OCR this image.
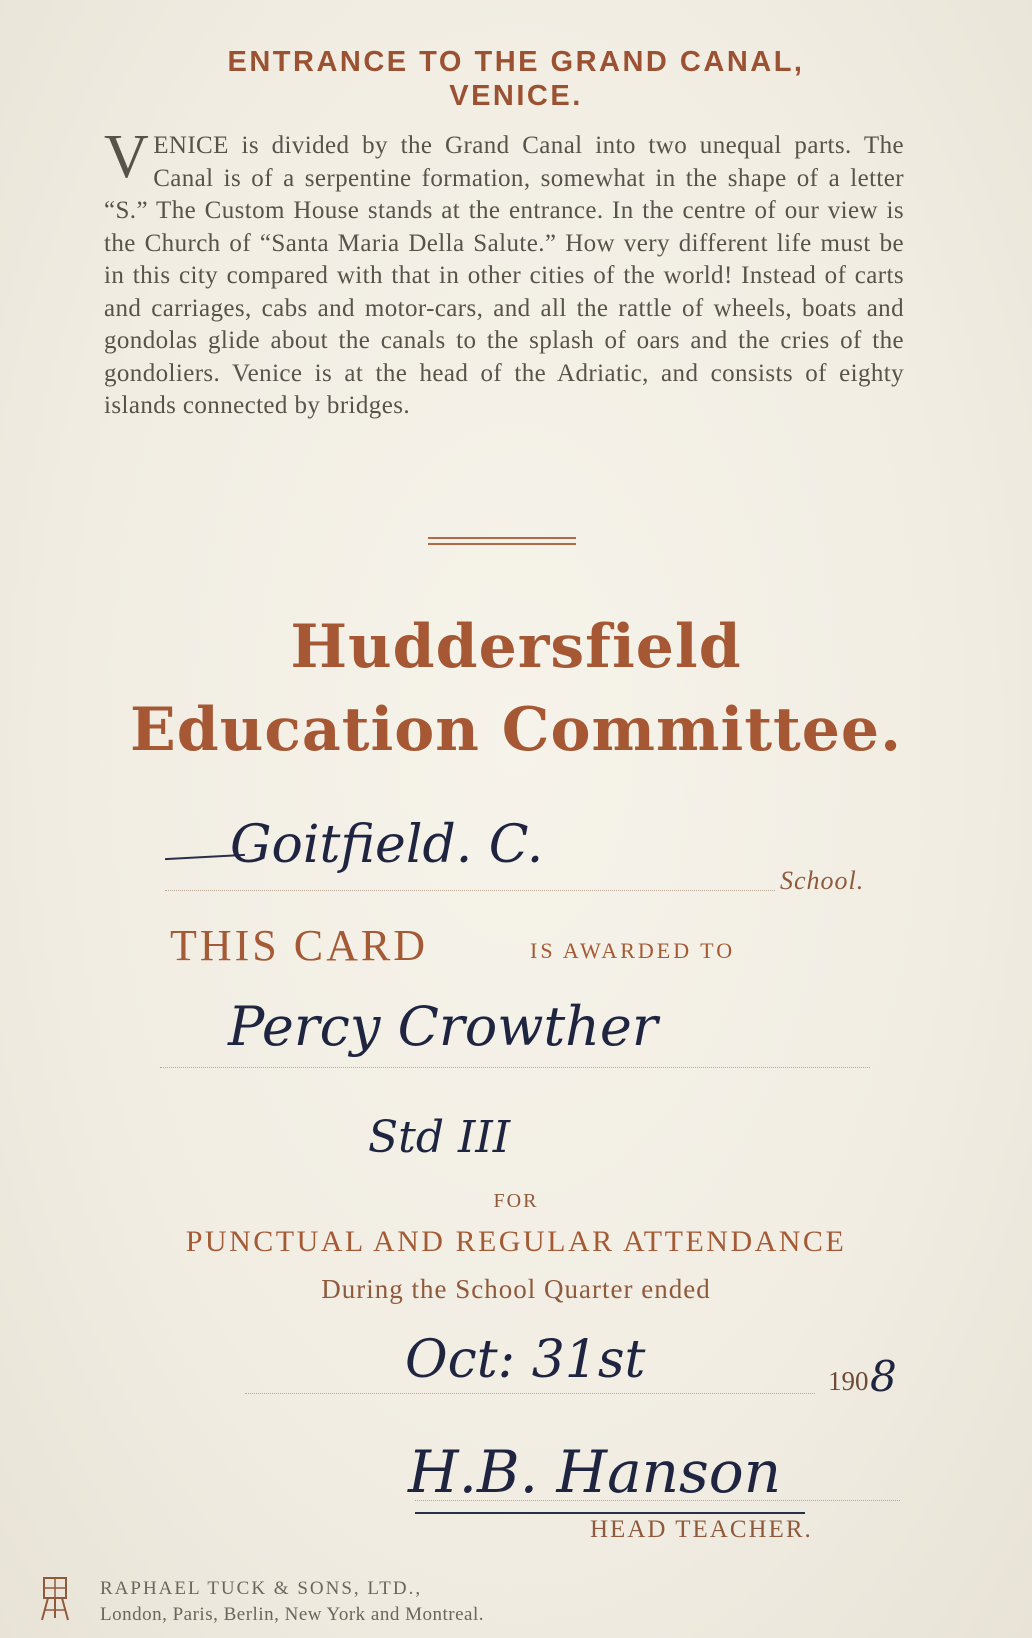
ENTRANCE TO THE GRAND CANAL,
VENICE.
VENICE is divided by the Grand Canal into two unequal parts. The Canal is of a serpentine formation, somewhat in the shape of a letter “S.” The Custom House stands at the entrance. In the centre of our view is the Church of “Santa Maria Della Salute.” How very different life must be in this city compared with that in other cities of the world! Instead of carts and carriages, cabs and motor-cars, and all the rattle of wheels, boats and gondolas glide about the canals to the splash of oars and the cries of the gondoliers. Venice is at the head of the Adriatic, and consists of eighty islands connected by bridges.
Huddersfield
Education Committee.
Goitfield. C.
School.
THIS CARD	IS AWARDED TO
Percy Crowther
Std III
FOR
PUNCTUAL AND REGULAR ATTENDANCE
During the School Quarter ended
Oct: 31st	190 8
H.B. Hanson
HEAD TEACHER.
RAPHAEL TUCK & SONS, LTD.,
London, Paris, Berlin, New York and Montreal.
